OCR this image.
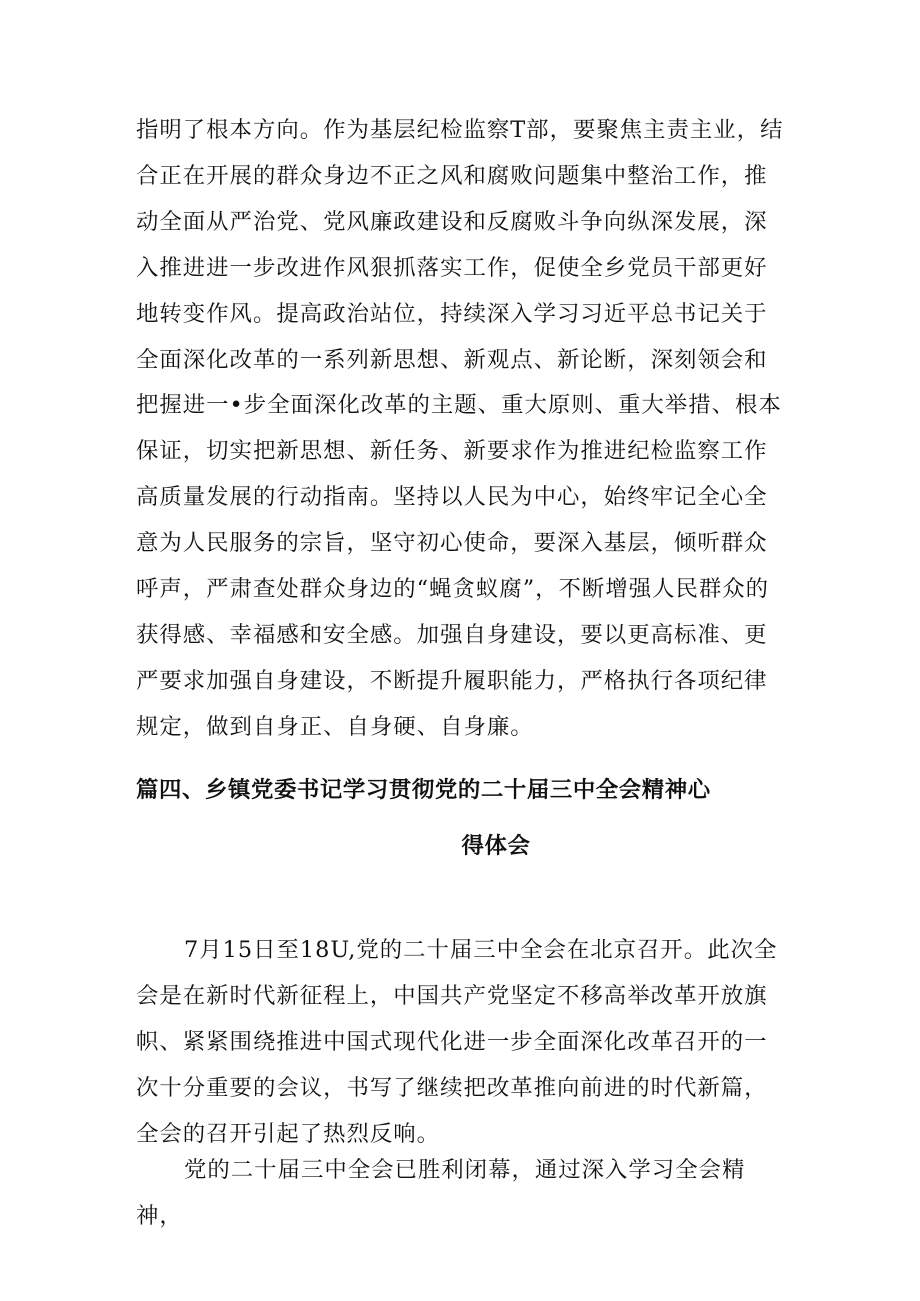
指明了根本方向。作为基层纪检监察T部，要聚焦主责主业，结合正在开展的群众身边不正之风和腐败问题集中整治工作，推动全面从严治党、党风廉政建设和反腐败斗争向纵深发展，深入推进进一步改进作风狠抓落实工作，促使全乡党员干部更好地转变作风。提高政治站位，持续深入学习习近平总书记关于全面深化改革的一系列新思想、新观点、新论断，深刻领会和把握进一•步全面深化改革的主题、重大原则、重大举措、根本保证，切实把新思想、新任务、新要求作为推进纪检监察工作高质量发展的行动指南。坚持以人民为中心，始终牢记全心全意为人民服务的宗旨，坚守初心使命，要深入基层，倾听群众呼声，严肃查处群众身边的“蝇贪蚁腐”，不断增强人民群众的获得感、幸福感和安全感。加强自身建设，要以更高标准、更严要求加强自身建设，不断提升履职能力，严格执行各项纪律规定，做到自身正、自身硬、自身廉。

篇四、乡镇党委书记学习贯彻党的二十届三中全会精神心

得体会

7月15日至18U,党的二十届三中全会在北京召开。此次全会是在新时代新征程上，中国共产党坚定不移高举改革开放旗帜、紧紧围绕推进中国式现代化进一步全面深化改革召开的一次十分重要的会议，书写了继续把改革推向前进的时代新篇，全会的召开引起了热烈反响。

党的二十届三中全会已胜利闭幕，通过深入学习全会精神，
